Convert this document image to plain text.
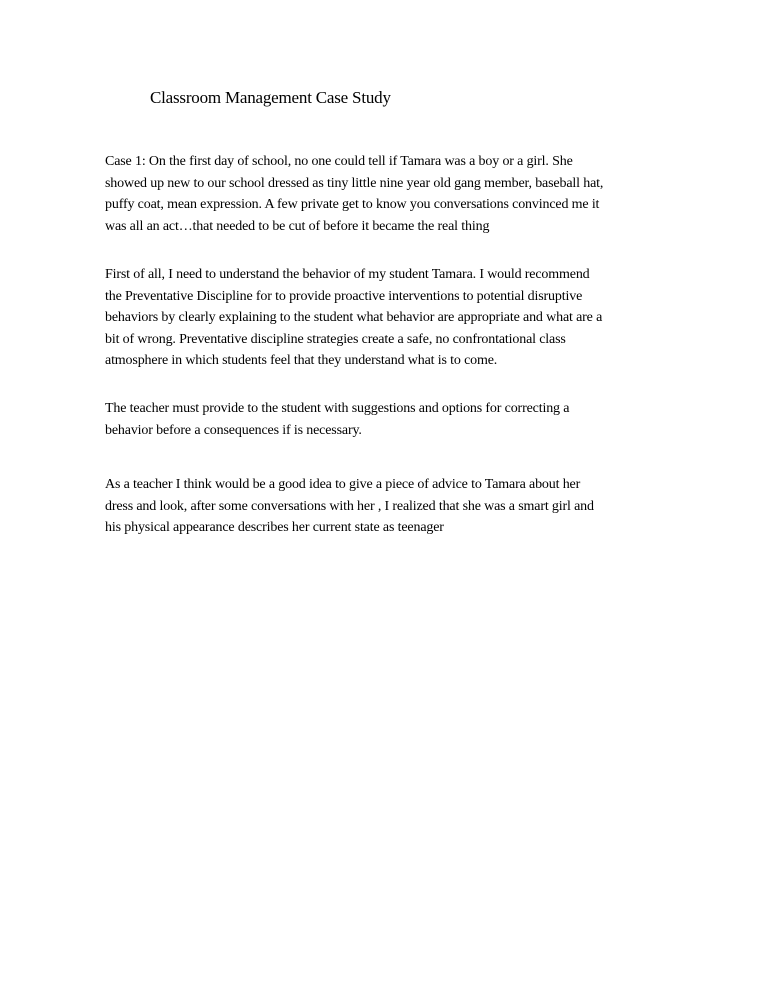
Classroom Management Case Study
Case 1: On the first day of school, no one could tell if Tamara was a boy or a girl. She
showed up new to our school dressed as tiny little nine year old gang member, baseball hat,
puffy coat, mean expression. A few private get to know you conversations convinced me it
was all an act…that needed to be cut of before it became the real thing
First of all, I need to understand the behavior of my student Tamara. I would recommend
the Preventative Discipline for to provide proactive interventions to potential disruptive
behaviors by clearly explaining to the student what behavior are appropriate and what are a
bit of wrong. Preventative discipline strategies create a safe, no confrontational class
atmosphere in which students feel that they understand what is to come.
The teacher must provide to the student with suggestions and options for correcting a
behavior before a consequences if is necessary.
As a teacher I think would be a good idea to give a piece of advice to Tamara about her
dress and look, after some conversations with her , I realized that she was a smart girl and
his physical appearance describes her current state as teenager
